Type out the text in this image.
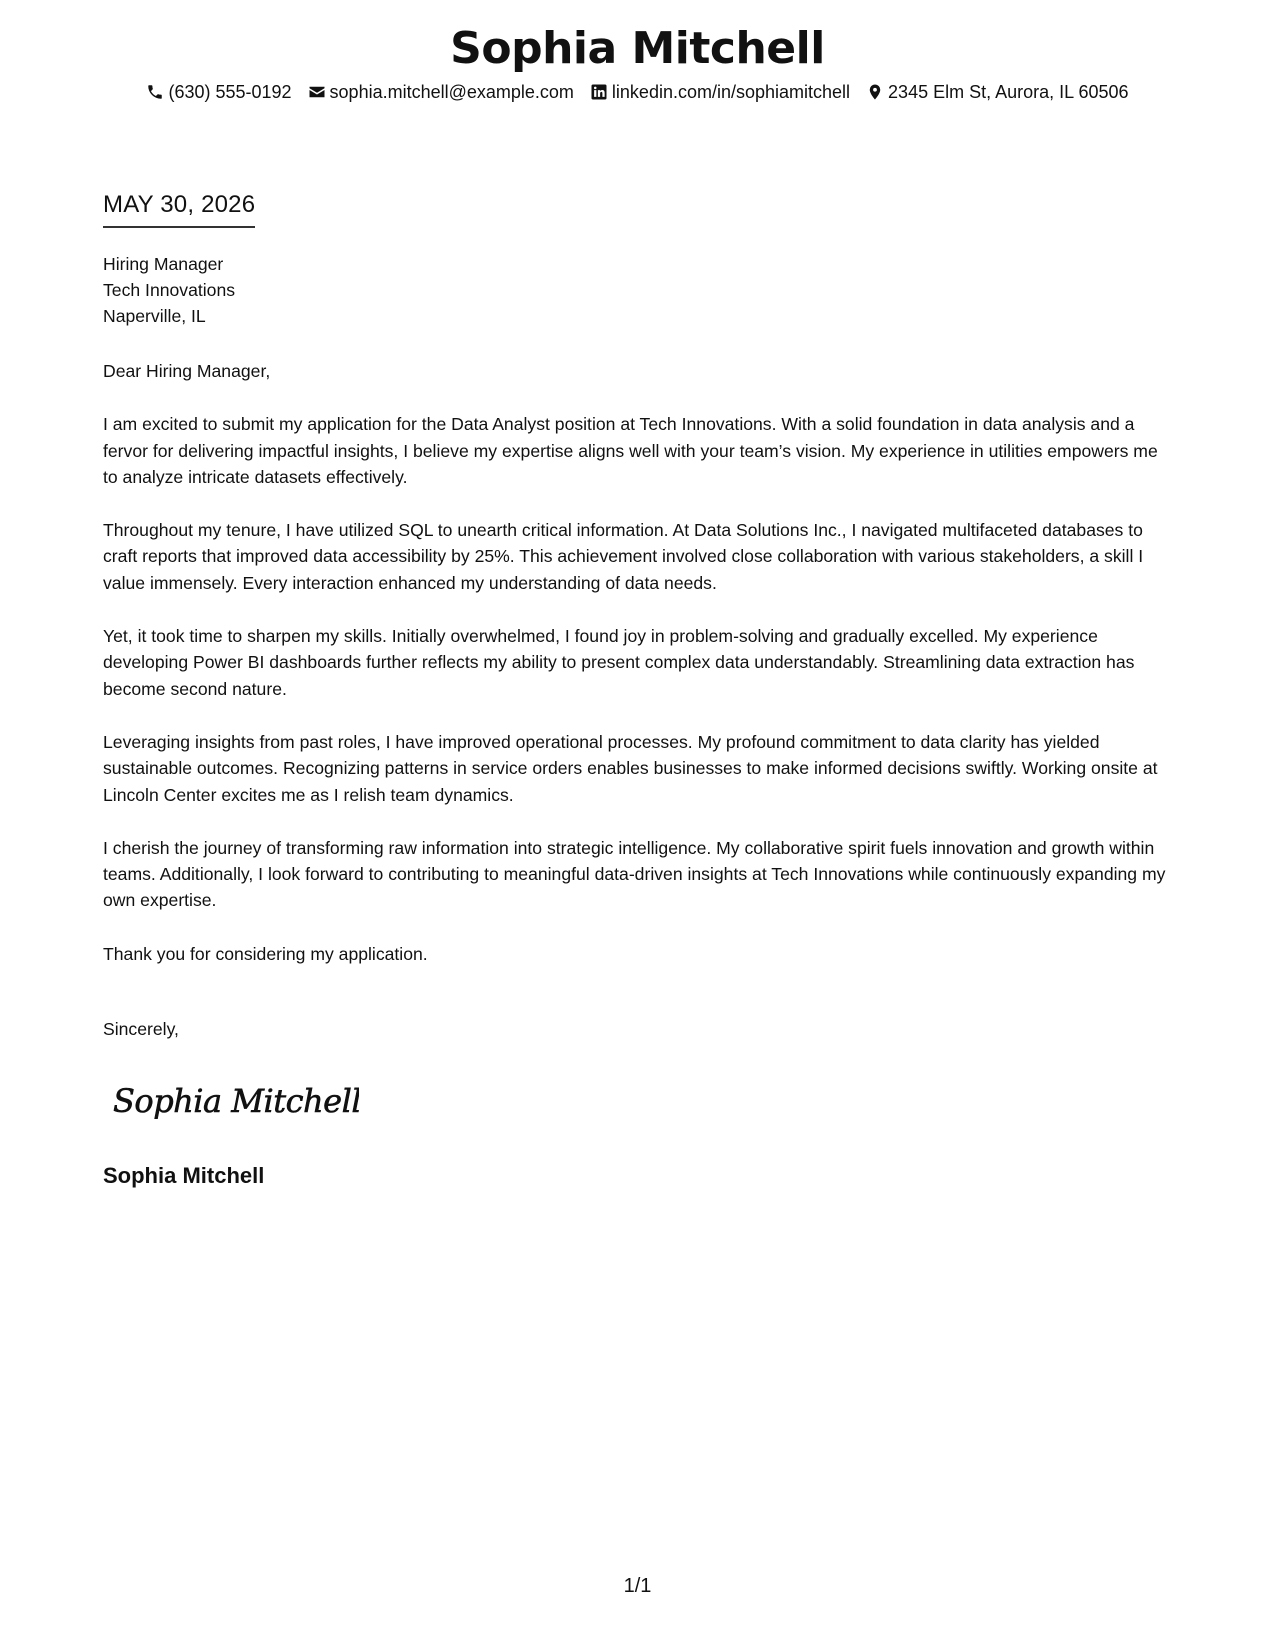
Sophia Mitchell
(630) 555-0192 sophia.mitchell@example.com linkedin.com/in/sophiamitchell 2345 Elm St, Aurora, IL 60506
MAY 30, 2026
Hiring Manager
Tech Innovations
Naperville, IL

Dear Hiring Manager,

I am excited to submit my application for the Data Analyst position at Tech Innovations. With a solid foundation in data analysis and a fervor for delivering impactful insights, I believe my expertise aligns well with your team’s vision. My experience in utilities empowers me to analyze intricate datasets effectively.

Throughout my tenure, I have utilized SQL to unearth critical information. At Data Solutions Inc., I navigated multifaceted databases to craft reports that improved data accessibility by 25%. This achievement involved close collaboration with various stakeholders, a skill I value immensely. Every interaction enhanced my understanding of data needs.

Yet, it took time to sharpen my skills. Initially overwhelmed, I found joy in problem-solving and gradually excelled. My experience developing Power BI dashboards further reflects my ability to present complex data understandably. Streamlining data extraction has become second nature.

Leveraging insights from past roles, I have improved operational processes. My profound commitment to data clarity has yielded sustainable outcomes. Recognizing patterns in service orders enables businesses to make informed decisions swiftly. Working onsite at Lincoln Center excites me as I relish team dynamics.

I cherish the journey of transforming raw information into strategic intelligence. My collaborative spirit fuels innovation and growth within teams. Additionally, I look forward to contributing to meaningful data-driven insights at Tech Innovations while continuously expanding my own expertise.

Thank you for considering my application.

Sincerely,
Sophia Mitchell
Sophia Mitchell
1/1
